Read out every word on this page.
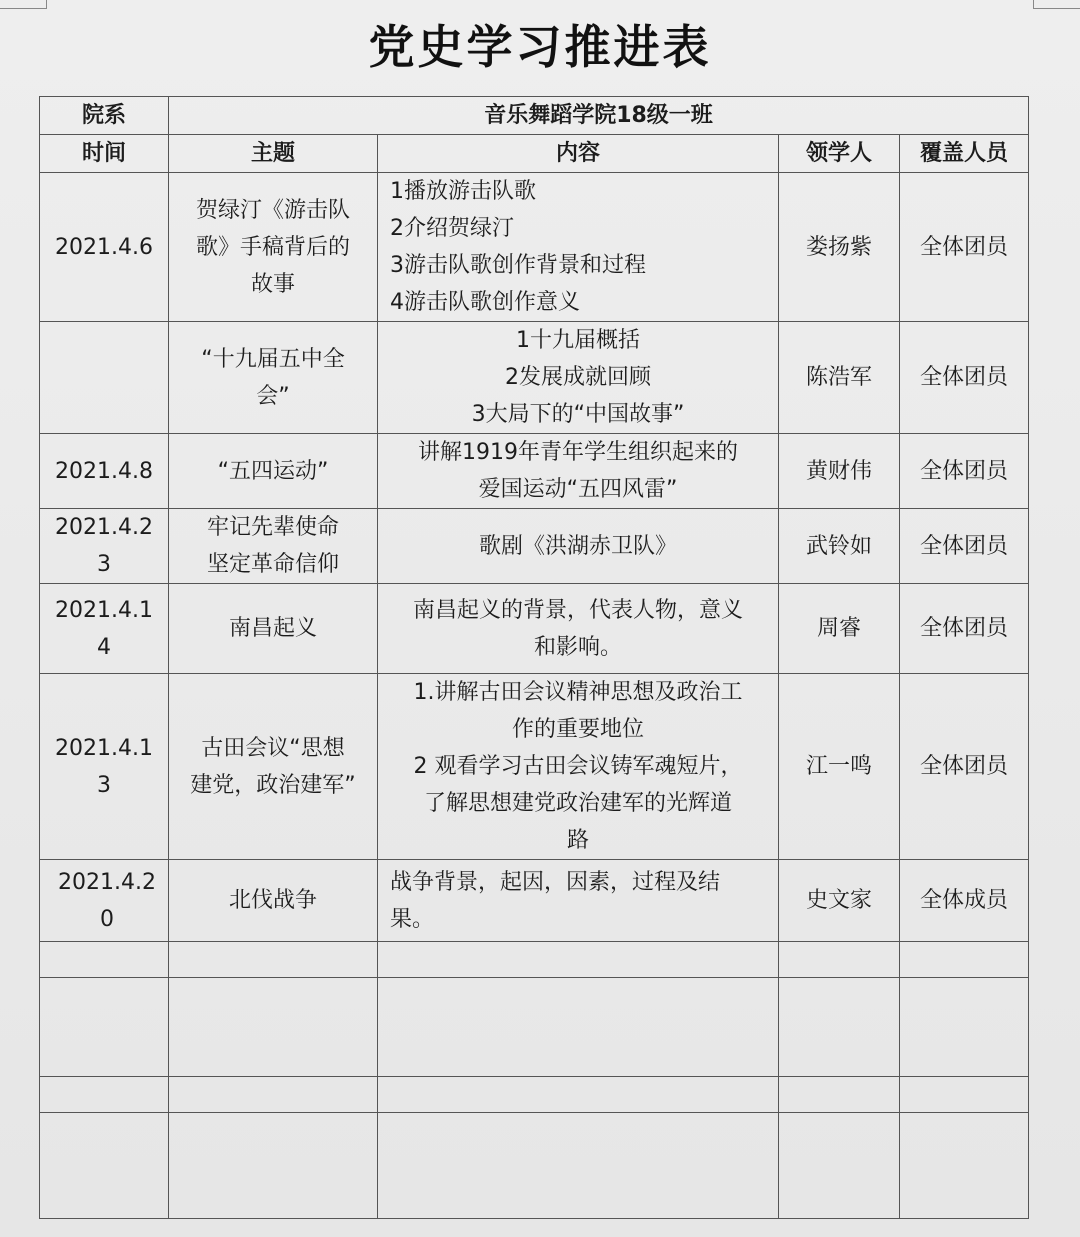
党史学习推进表
院系	音乐舞蹈学院18级一班			
时间	主题	内容	领学人	覆盖人员

2021.4.6	贺绿汀《游击队
歌》手稿背后的
故事	1播放游击队歌
2介绍贺绿汀
3游击队歌创作背景和过程
4游击队歌创作意义	娄扬紫	全体团员

	“十九届五中全
会”	1十九届概括
2发展成就回顾
3大局下的“中国故事”	陈浩军	全体团员

2021.4.8	“五四运动”	讲解1919年青年学生组织起来的
爱国运动“五四风雷”	黄财伟	全体团员

2021.4.2
3	牢记先辈使命
坚定革命信仰	歌剧《洪湖赤卫队》	武铃如	全体团员

2021.4.1
4	南昌起义	南昌起义的背景，代表人物，意义
和影响。	周睿	全体团员

2021.4.1
3	古田会议“思想
建党，政治建军”	1.讲解古田会议精神思想及政治工
作的重要地位
2 观看学习古田会议铸军魂短片，
了解思想建党政治建军的光辉道
路	江一鸣	全体团员

2021.4.2
0	北伐战争	战争背景，起因，因素，过程及结
果。	史文家	全体成员
